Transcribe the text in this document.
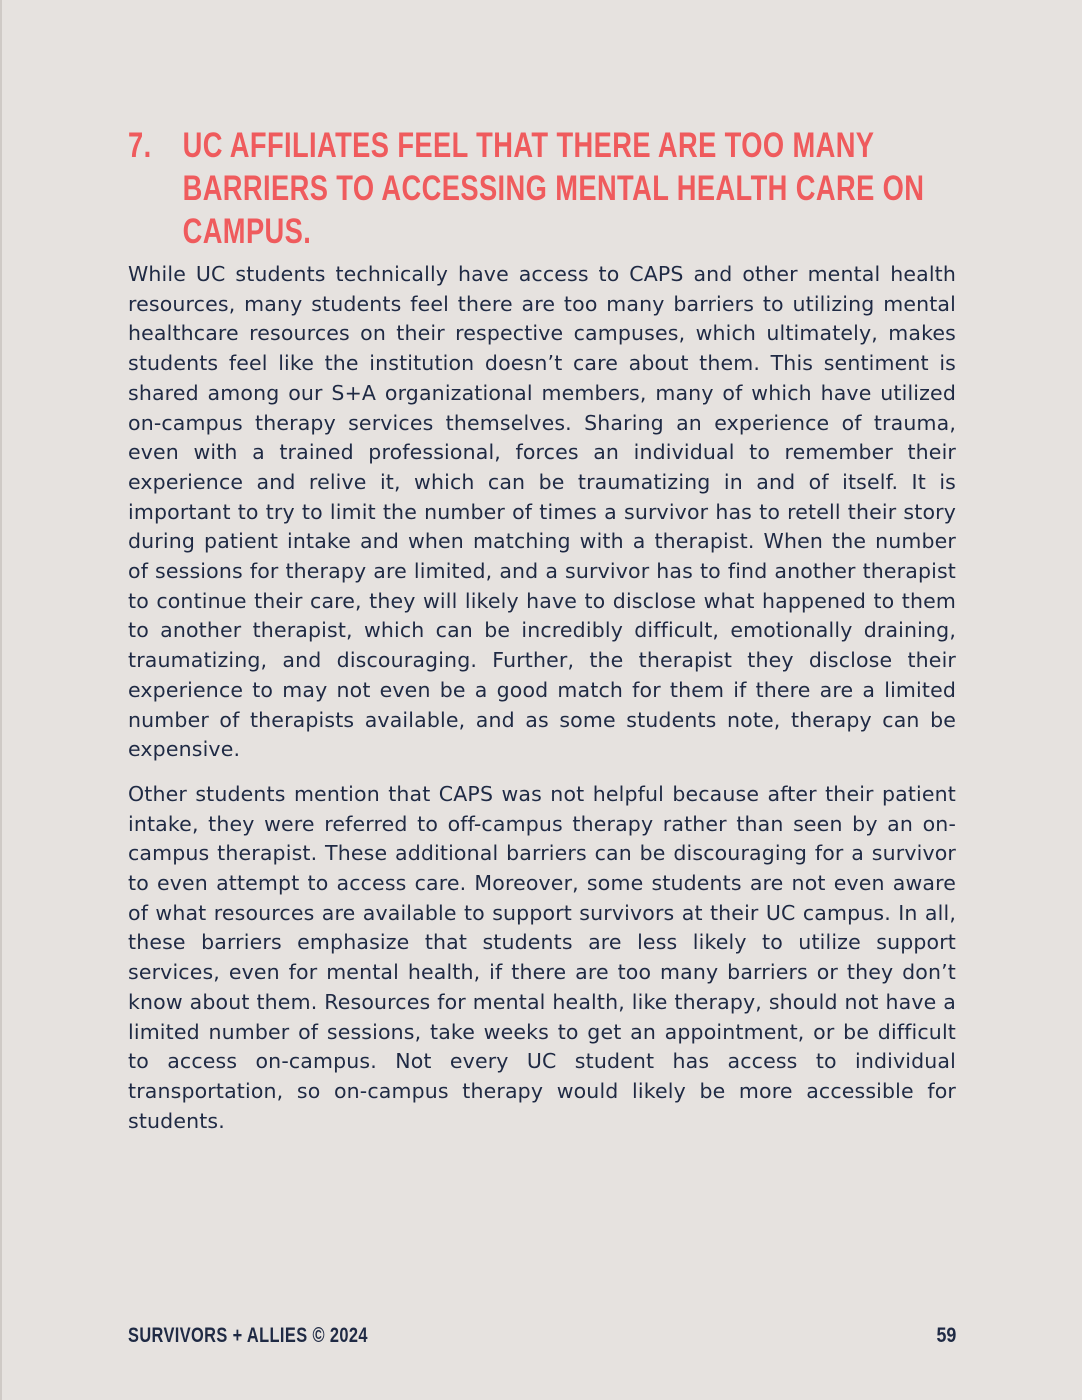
7. UC AFFILIATES FEEL THAT THERE ARE TOO MANY BARRIERS TO ACCESSING MENTAL HEALTH CARE ON CAMPUS.

While UC students technically have access to CAPS and other mental health resources, many students feel there are too many barriers to utilizing mental healthcare resources on their respective campuses, which ultimately, makes students feel like the institution doesn’t care about them. This sentiment is shared among our S+A organizational members, many of which have utilized on-campus therapy services themselves. Sharing an experience of trauma, even with a trained professional, forces an individual to remember their experience and relive it, which can be traumatizing in and of itself. It is important to try to limit the number of times a survivor has to retell their story during patient intake and when matching with a therapist. When the number of sessions for therapy are limited, and a survivor has to find another therapist to continue their care, they will likely have to disclose what happened to them to another therapist, which can be incredibly difficult, emotionally draining, traumatizing, and discouraging. Further, the therapist they disclose their experience to may not even be a good match for them if there are a limited number of therapists available, and as some students note, therapy can be expensive.

Other students mention that CAPS was not helpful because after their patient intake, they were referred to off-campus therapy rather than seen by an on-campus therapist. These additional barriers can be discouraging for a survivor to even attempt to access care. Moreover, some students are not even aware of what resources are available to support survivors at their UC campus. In all, these barriers emphasize that students are less likely to utilize support services, even for mental health, if there are too many barriers or they don’t know about them. Resources for mental health, like therapy, should not have a limited number of sessions, take weeks to get an appointment, or be difficult to access on-campus. Not every UC student has access to individual transportation, so on-campus therapy would likely be more accessible for students.

SURVIVORS + ALLIES © 2024	59
